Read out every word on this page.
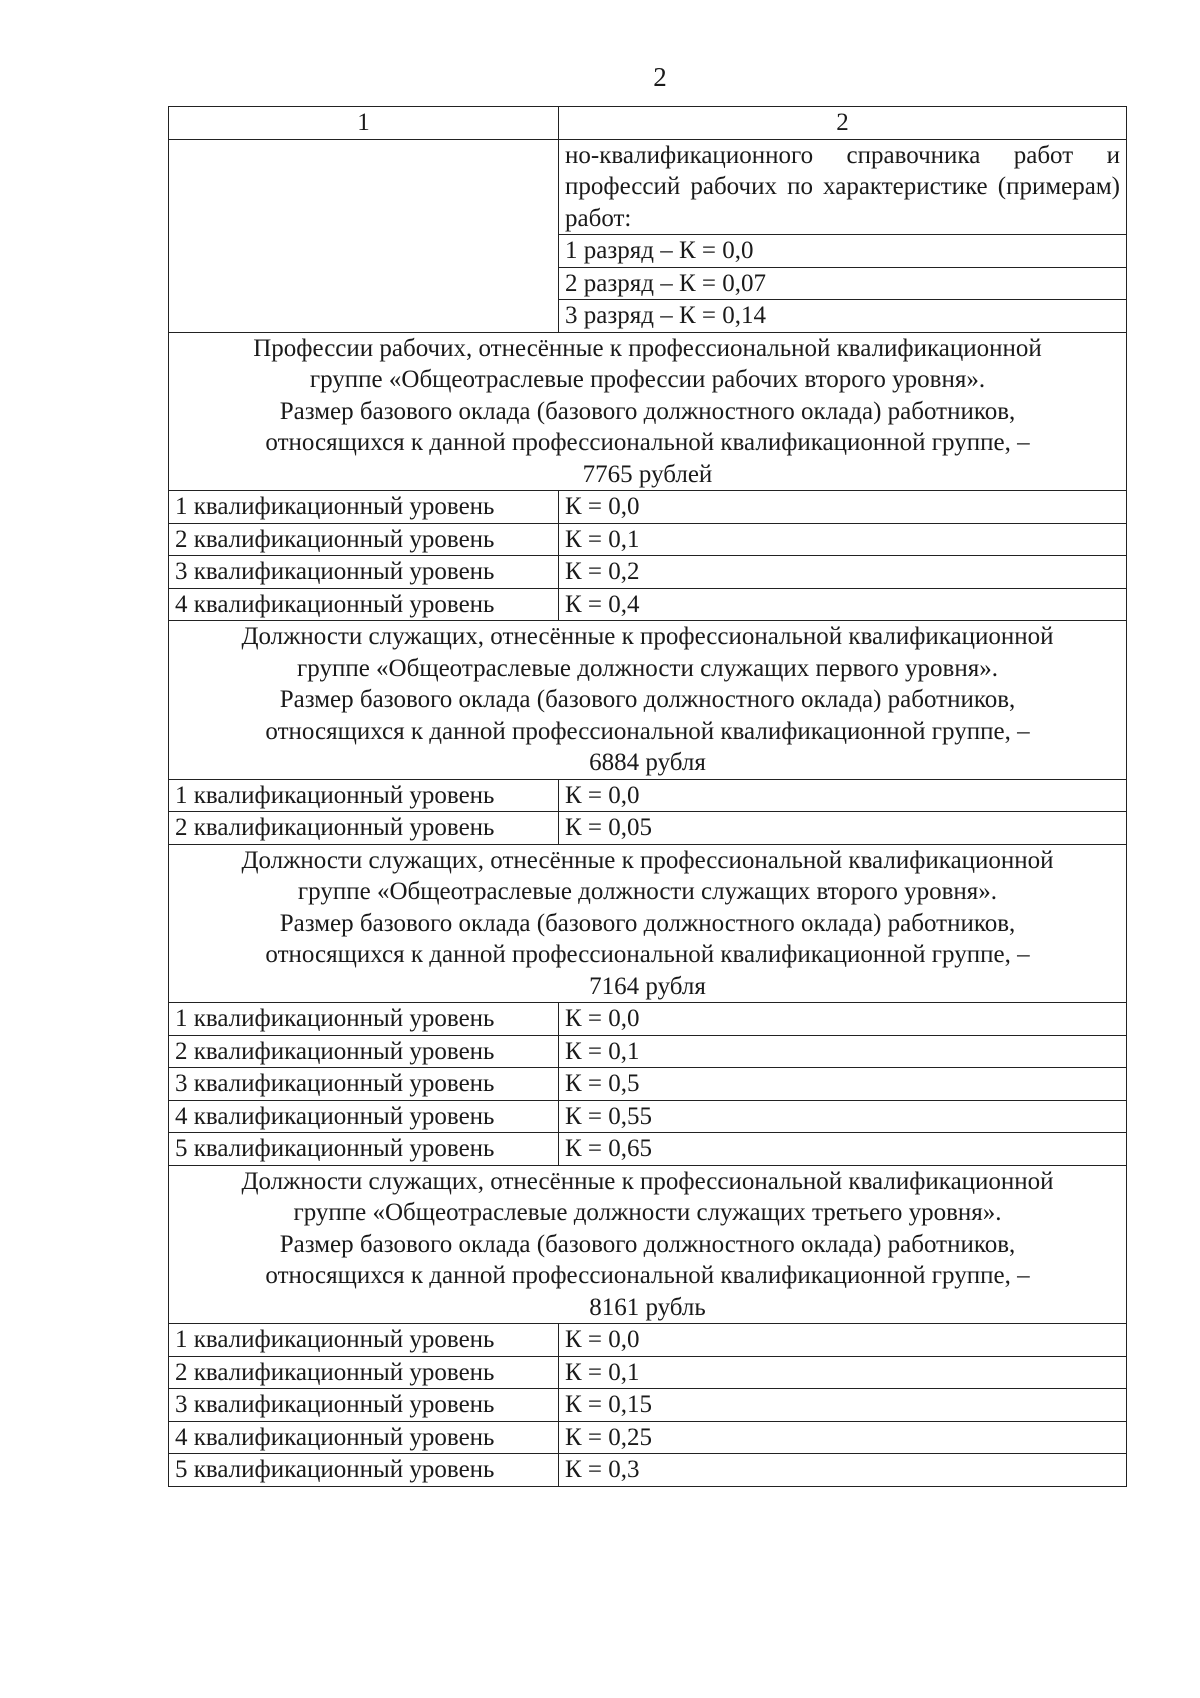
2
1	2
	но-квалификационного справочника работ и профессий рабочих по характеристике (примерам) работ:
	1 разряд – К = 0,0
	2 разряд – К = 0,07
	3 разряд – К = 0,14

Профессии рабочих, отнесённые к профессиональной квалификационной
группе «Общеотраслевые профессии рабочих второго уровня».
Размер базового оклада (базового должностного оклада) работников,
относящихся к данной профессиональной квалификационной группе, –
7765 рублей	

1 квалификационный уровень	К = 0,0
2 квалификационный уровень	К = 0,1
3 квалификационный уровень	К = 0,2
4 квалификационный уровень	К = 0,4

Должности служащих, отнесённые к профессиональной квалификационной
группе «Общеотраслевые должности служащих первого уровня».
Размер базового оклада (базового должностного оклада) работников,
относящихся к данной профессиональной квалификационной группе, –
6884 рубля	

1 квалификационный уровень	К = 0,0
2 квалификационный уровень	К = 0,05

Должности служащих, отнесённые к профессиональной квалификационной
группе «Общеотраслевые должности служащих второго уровня».
Размер базового оклада (базового должностного оклада) работников,
относящихся к данной профессиональной квалификационной группе, –
7164 рубля	

1 квалификационный уровень	К = 0,0
2 квалификационный уровень	К = 0,1
3 квалификационный уровень	К = 0,5
4 квалификационный уровень	К = 0,55
5 квалификационный уровень	К = 0,65

Должности служащих, отнесённые к профессиональной квалификационной
группе «Общеотраслевые должности служащих третьего уровня».
Размер базового оклада (базового должностного оклада) работников,
относящихся к данной профессиональной квалификационной группе, –
8161 рубль	

1 квалификационный уровень	К = 0,0
2 квалификационный уровень	К = 0,1
3 квалификационный уровень	К = 0,15
4 квалификационный уровень	К = 0,25
5 квалификационный уровень	К = 0,3
